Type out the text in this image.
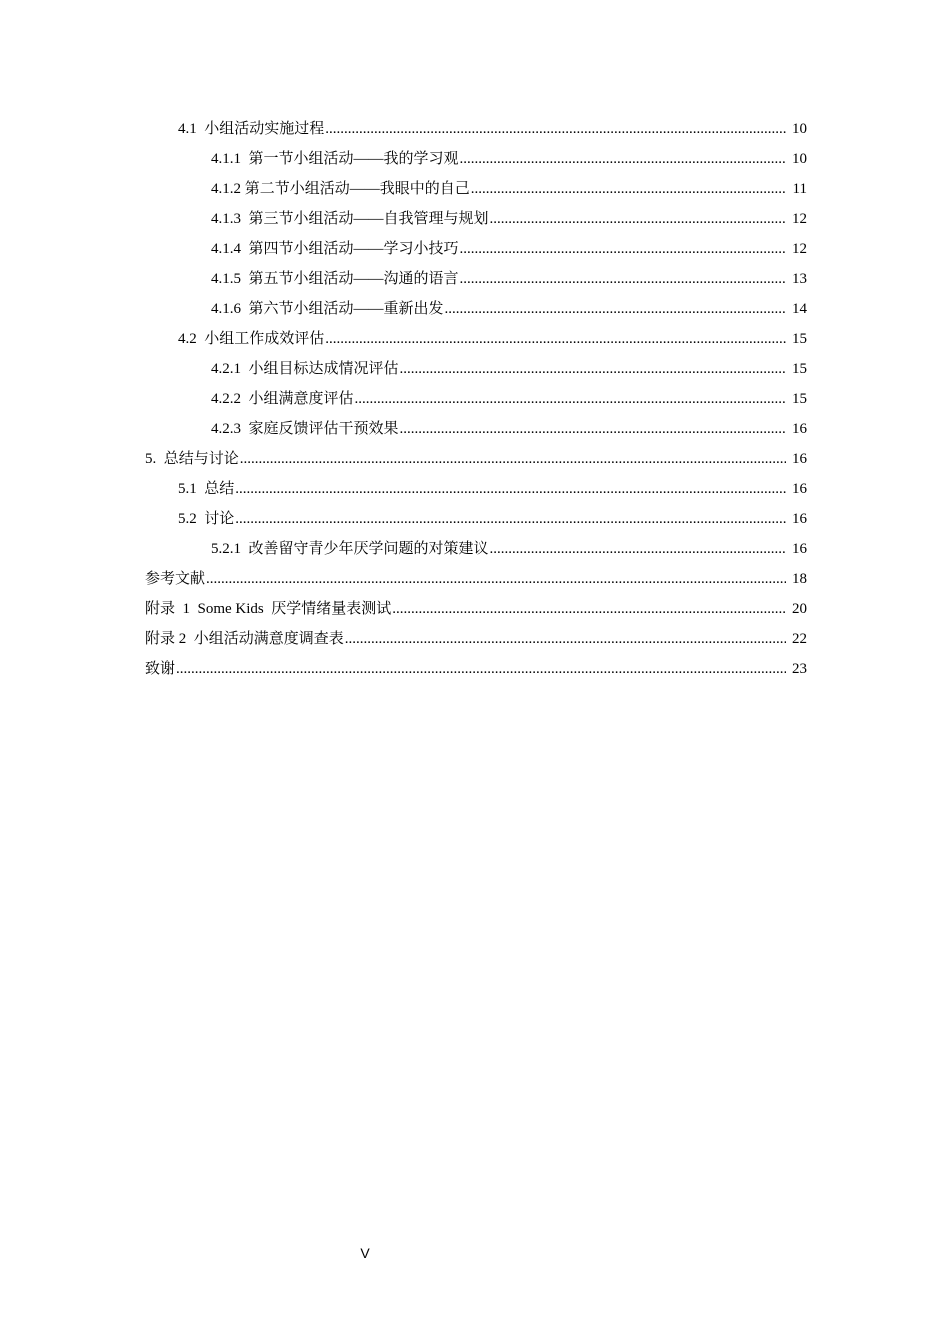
4.1  小组活动实施过程 .....	10
4.1.1  第一节小组活动——我的学习观 .....	10
4.1.2 第二节小组活动——我眼中的自己 .....	11
4.1.3  第三节小组活动——自我管理与规划 .....	12
4.1.4  第四节小组活动——学习小技巧 .....	12
4.1.5  第五节小组活动——沟通的语言 .....	13
4.1.6  第六节小组活动——重新出发 .....	14
4.2  小组工作成效评估 .....	15
4.2.1  小组目标达成情况评估 .....	15
4.2.2  小组满意度评估 .....	15
4.2.3  家庭反馈评估干预效果 .....	16
5.  总结与讨论 .....	16
5.1  总结 .....	16
5.2  讨论 .....	16
5.2.1  改善留守青少年厌学问题的对策建议 .....	16
参考文献 .....	18
附录  1  Some Kids  厌学情绪量表测试 .....	20
附录 2  小组活动满意度调查表 .....	22
致谢 .....	23
V
